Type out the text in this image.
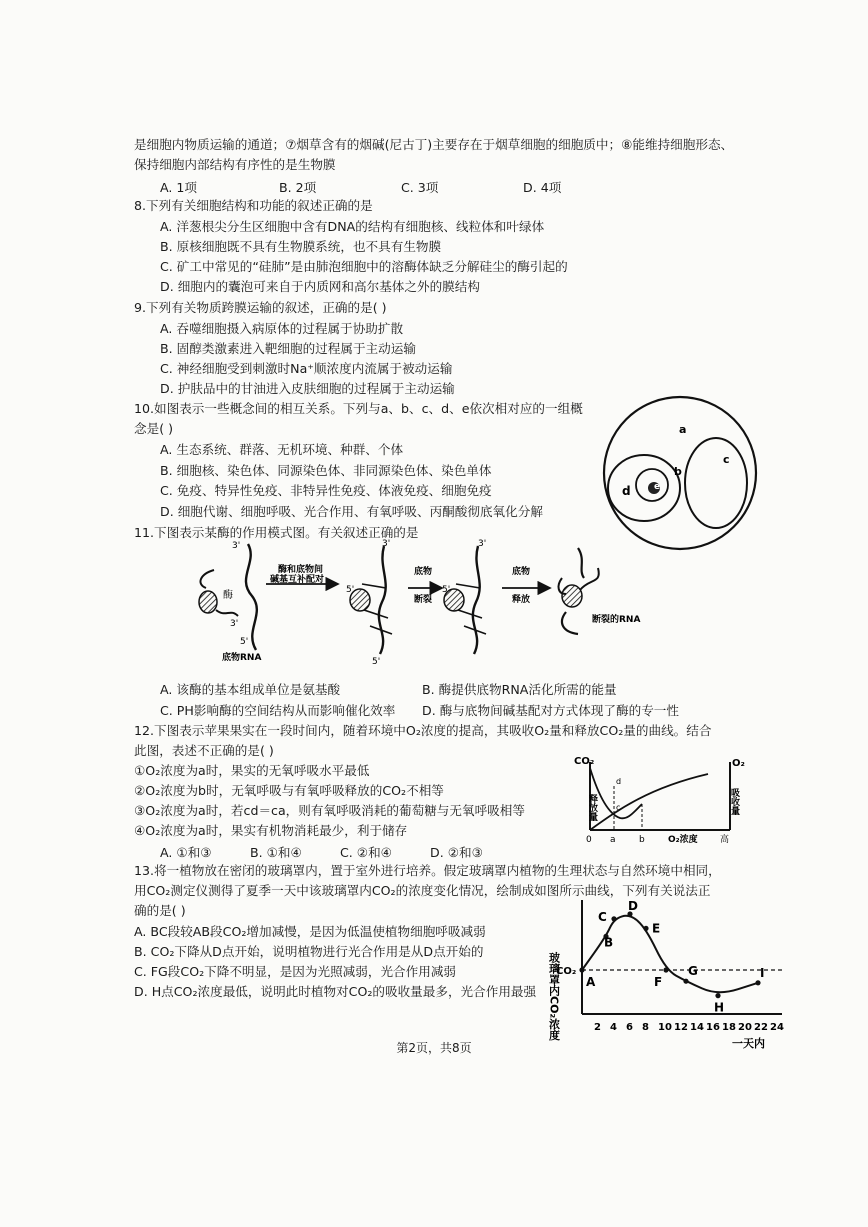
是细胞内物质运输的通道；⑦烟草含有的烟碱(尼古丁)主要存在于烟草细胞的细胞质中；⑧能维持细胞形态、
保持细胞内部结构有序性的是生物膜
A. 1项	B. 2项	C. 3项	D. 4项
8.下列有关细胞结构和功能的叙述正确的是
A. 洋葱根尖分生区细胞中含有DNA的结构有细胞核、线粒体和叶绿体
B. 原核细胞既不具有生物膜系统，也不具有生物膜
C. 矿工中常见的“硅肺”是由肺泡细胞中的溶酶体缺乏分解硅尘的酶引起的
D. 细胞内的囊泡可来自于内质网和高尔基体之外的膜结构
9.下列有关物质跨膜运输的叙述，正确的是( )
A. 吞噬细胞摄入病原体的过程属于协助扩散
B. 固醇类激素进入靶细胞的过程属于主动运输
C. 神经细胞受到刺激时Na⁺顺浓度内流属于被动运输
D. 护肤品中的甘油进入皮肤细胞的过程属于主动运输
10.如图表示一些概念间的相互关系。下列与a、b、c、d、e依次相对应的一组概
念是( )
A. 生态系统、群落、无机环境、种群、个体
B. 细胞核、染色体、同源染色体、非同源染色体、染色单体
C. 免疫、特异性免疫、非特异性免疫、体液免疫、细胞免疫
D. 细胞代谢、细胞呼吸、光合作用、有氧呼吸、丙酮酸彻底氧化分解
a
b
c
d	e
11.下图表示某酶的作用模式图。有关叙述正确的是
酶
3'
3'
5'
底物RNA
酶和底物间
碱基互补配对
3'
5'
5'
底物
断裂
3'
5'
底物
释放
断裂的RNA
A. 该酶的基本组成单位是氨基酸	B. 酶提供底物RNA活化所需的能量
C. PH影响酶的空间结构从而影响催化效率 D. 酶与底物间碱基配对方式体现了酶的专一性
12.下图表示苹果果实在一段时间内，随着环境中O₂浓度的提高，其吸收O₂量和释放CO₂量的曲线。结合
此图，表述不正确的是( )
①O₂浓度为a时，果实的无氧呼吸水平最低
②O₂浓度为b时，无氧呼吸与有氧呼吸释放的CO₂不相等
③O₂浓度为a时，若cd＝ca，则有氧呼吸消耗的葡萄糖与无氧呼吸相等
④O₂浓度为a时，果实有机物消耗最少，利于储存
A. ①和③	B. ①和④	C. ②和④	D. ②和③
CO₂
释放量
O₂
吸收量
0 a	b
c
d
O₂浓度 高
13.将一植物放在密闭的玻璃罩内，置于室外进行培养。假定玻璃罩内植物的生理状态与自然环境中相同，
用CO₂测定仪测得了夏季一天中该玻璃罩内CO₂的浓度变化情况，绘制成如图所示曲线，下列有关说法正
确的是( )
A. BC段较AB段CO₂增加减慢，是因为低温使植物细胞呼吸减弱
B. CO₂下降从D点开始，说明植物进行光合作用是从D点开始的
C. FG段CO₂下降不明显，是因为光照减弱，光合作用减弱
D. H点CO₂浓度最低，说明此时植物对CO₂的吸收量最多，光合作用最强 玻璃罩内CO₂浓度
CO₂
2 4 6 8 10 12 14 16 18 20 22 24
A
B
C
D
E
F
G
H
I
一天内
第2页，共8页
